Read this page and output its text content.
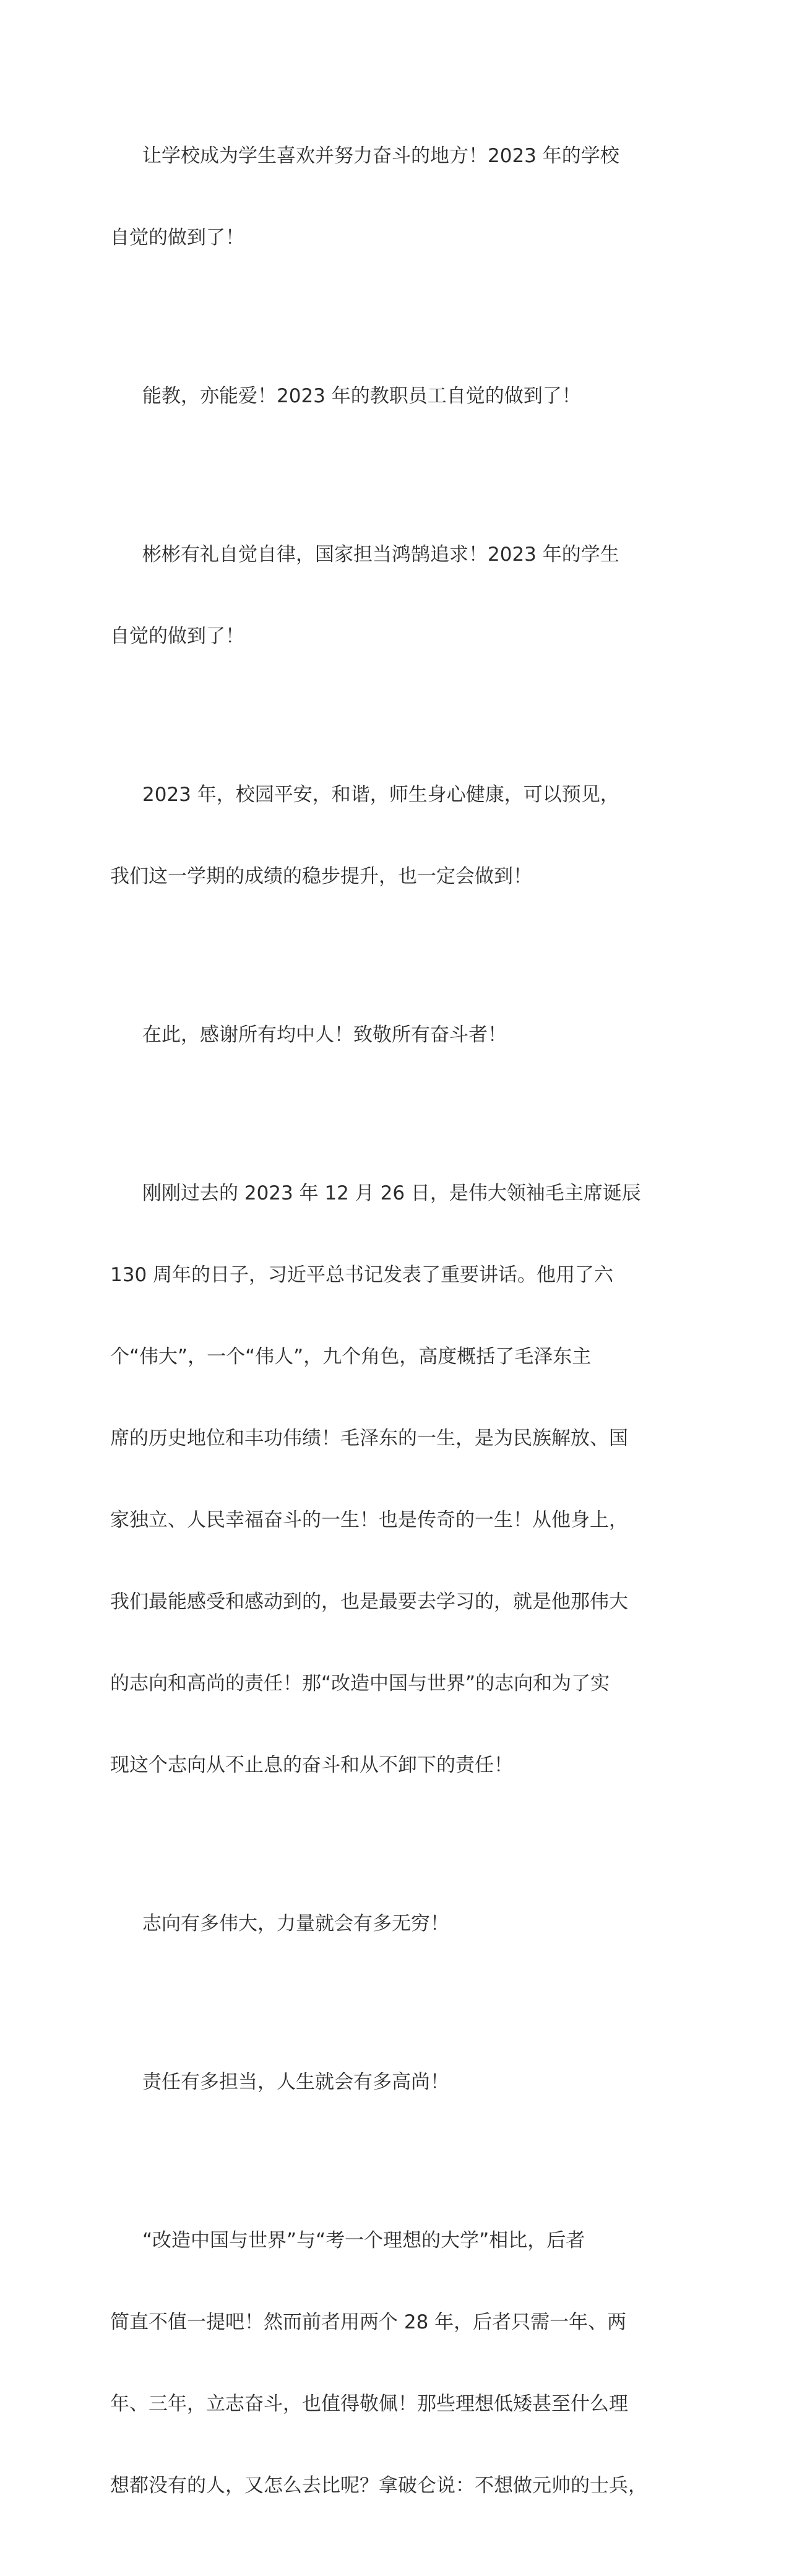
让学校成为学生喜欢并努力奋斗的地方！2023 年的学校

自觉的做到了！

能教，亦能爱！2023 年的教职员工自觉的做到了！

彬彬有礼自觉自律，国家担当鸿鹄追求！2023 年的学生

自觉的做到了！

2023 年，校园平安，和谐，师生身心健康，可以预见，

我们这一学期的成绩的稳步提升，也一定会做到！

在此，感谢所有均中人！致敬所有奋斗者！

刚刚过去的 2023 年 12 月 26 日，是伟大领袖毛主席诞辰

130 周年的日子，习近平总书记发表了重要讲话。他用了六

个“伟大”，一个“伟人”，九个角色，高度概括了毛泽东主

席的历史地位和丰功伟绩！毛泽东的一生，是为民族解放、国

家独立、人民幸福奋斗的一生！也是传奇的一生！从他身上，

我们最能感受和感动到的，也是最要去学习的，就是他那伟大

的志向和高尚的责任！那“改造中国与世界”的志向和为了实

现这个志向从不止息的奋斗和从不卸下的责任！

志向有多伟大，力量就会有多无穷！

责任有多担当，人生就会有多高尚！

“改造中国与世界”与“考一个理想的大学”相比，后者

简直不值一提吧！然而前者用两个 28 年，后者只需一年、两

年、三年，立志奋斗，也值得敬佩！那些理想低矮甚至什么理

想都没有的人，又怎么去比呢？拿破仑说：不想做元帅的士兵，
